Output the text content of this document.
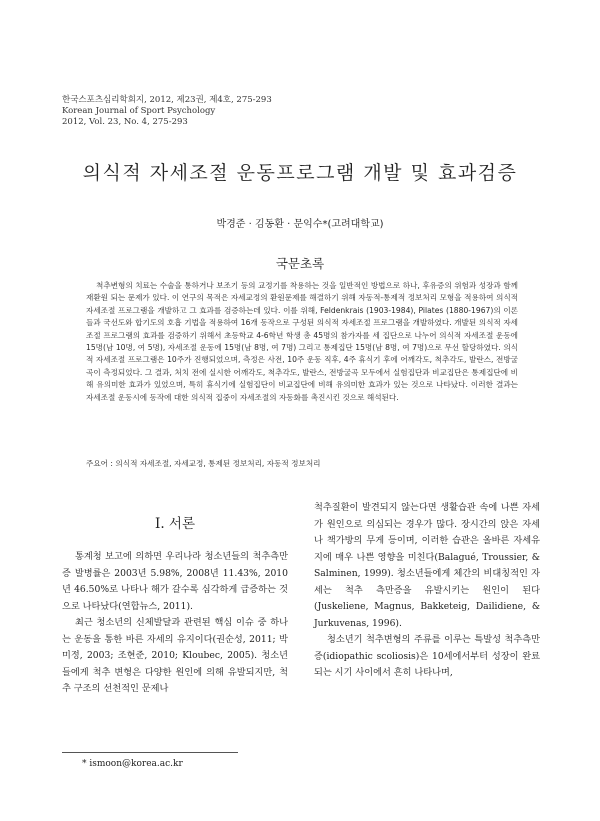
한국스포츠심리학회지, 2012, 제23권, 제4호, 275-293
Korean Journal of Sport Psychology
2012, Vol. 23, No. 4, 275-293
의식적 자세조절 운동프로그램 개발 및 효과검증
박경준 · 김동환 · 문익수*(고려대학교)
국문초록
척추변형의 치료는 수술을 통하거나 보조기 등의 교정기를 착용하는 것을 일반적인 방법으로 하나, 후유증의 위험과 성장과 함께 재환원 되는 문제가 있다. 이 연구의 목적은 자세교정의 환원문제를 해결하기 위해 자동적-통제적 정보처리 모형을 적용하여 의식적 자세조절 프로그램을 개발하고 그 효과를 검증하는데 있다. 이를 위해, Feldenkrais (1903-1984), Pilates (1880-1967)의 이론들과 국선도와 합기도의 호흡 기법을 적용하여 16개 동작으로 구성된 의식적 자세조절 프로그램을 개발하였다. 개발된 의식적 자세조절 프로그램의 효과를 검증하기 위해서 초등학교 4-6학년 학생 총 45명의 참가자를 세 집단으로 나누어 의식적 자세조절 운동에 15명(남 10명, 여 5명), 자세조절 운동에 15명(남 8명, 여 7명) 그리고 통제집단 15명(남 8명, 여 7명)으로 무선 할당하였다. 의식적 자세조절 프로그램은 10주가 진행되었으며, 측정은 사전, 10주 운동 직후, 4주 휴식기 후에 어깨각도, 척추각도, 발란스, 전방굴곡이 측정되었다. 그 결과, 처치 전에 실시한 어깨각도, 척추각도, 발란스, 전방굴곡 모두에서 실험집단과 비교집단은 통제집단에 비해 유의미한 효과가 있었으며, 특히 휴식기에 실험집단이 비교집단에 비해 유의미한 효과가 있는 것으로 나타났다. 이러한 결과는 자세조절 운동시에 동작에 대한 의식적 집중이 자세조절의 자동화를 촉진시킨 것으로 해석된다.
주요어 : 의식적 자세조절, 자세교정, 통제된 정보처리, 자동적 정보처리
I. 서론

통계청 보고에 의하면 우리나라 청소년들의 척추측만증 발병률은 2003년 5.98%, 2008년 11.43%, 2010년 46.50%로 나타나 해가 갈수록 심각하게 급증하는 것으로 나타났다(연합뉴스, 2011).

최근 청소년의 신체발달과 관련된 핵심 이슈 중 하나는 운동을 통한 바른 자세의 유지이다(권순성, 2011; 박미정, 2003; 조현준, 2010; Kloubec, 2005). 청소년들에게 척추 변형은 다양한 원인에 의해 유발되지만, 척추 구조의 선천적인 문제나

척추질환이 발견되지 않는다면 생활습관 속에 나쁜 자세가 원인으로 의심되는 경우가 많다. 장시간의 앉은 자세나 책가방의 무게 등이며, 이러한 습관은 올바른 자세유지에 매우 나쁜 영향을 미친다(Balagué, Troussier, & Salminen, 1999). 청소년들에게 체간의 비대칭적인 자세는 척추 측만증을 유발시키는 원인이 된다(Juskeliene, Magnus, Bakketeig, Dailidiene, & Jurkuvenas, 1996).

청소년기 척추변형의 주류를 이루는 특발성 척추측만증(idiopathic scoliosis)은 10세에서부터 성장이 완료되는 시기 사이에서 흔히 나타나며,

* ismoon@korea.ac.kr
